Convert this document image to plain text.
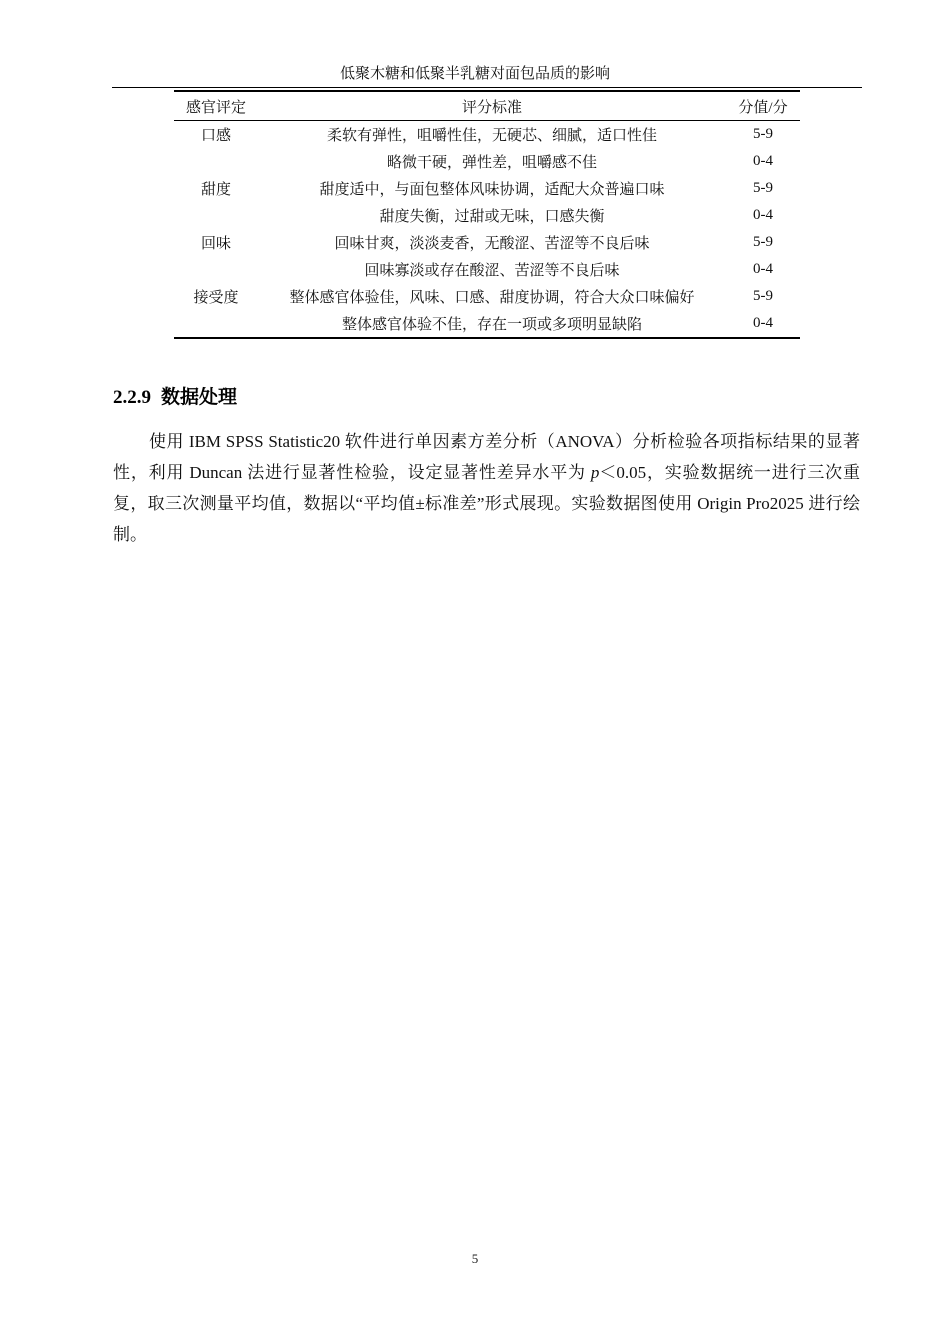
低聚木糖和低聚半乳糖对面包品质的影响
感官评定	评分标准	分值/分
口感	柔软有弹性，咀嚼性佳，无硬芯、细腻，适口性佳	5-9
	略微干硬，弹性差，咀嚼感不佳	0-4
甜度	甜度适中，与面包整体风味协调，适配大众普遍口味	5-9
	甜度失衡，过甜或无味，口感失衡	0-4
回味	回味甘爽，淡淡麦香，无酸涩、苦涩等不良后味	5-9
	回味寡淡或存在酸涩、苦涩等不良后味	0-4
接受度	整体感官体验佳，风味、口感、甜度协调，符合大众口味偏好	5-9
	整体感官体验不佳，存在一项或多项明显缺陷	0-4
2.2.9 数据处理

使用 IBM SPSS Statistic20 软件进行单因素方差分析（ANOVA）分析检验各项指标结果的显著性，利用 Duncan 法进行显著性检验，设定显著性差异水平为 p＜0.05，实验数据统一进行三次重复，取三次测量平均值，数据以“平均值±标准差”形式展现。实验数据图使用 Origin Pro2025 进行绘制。

5
